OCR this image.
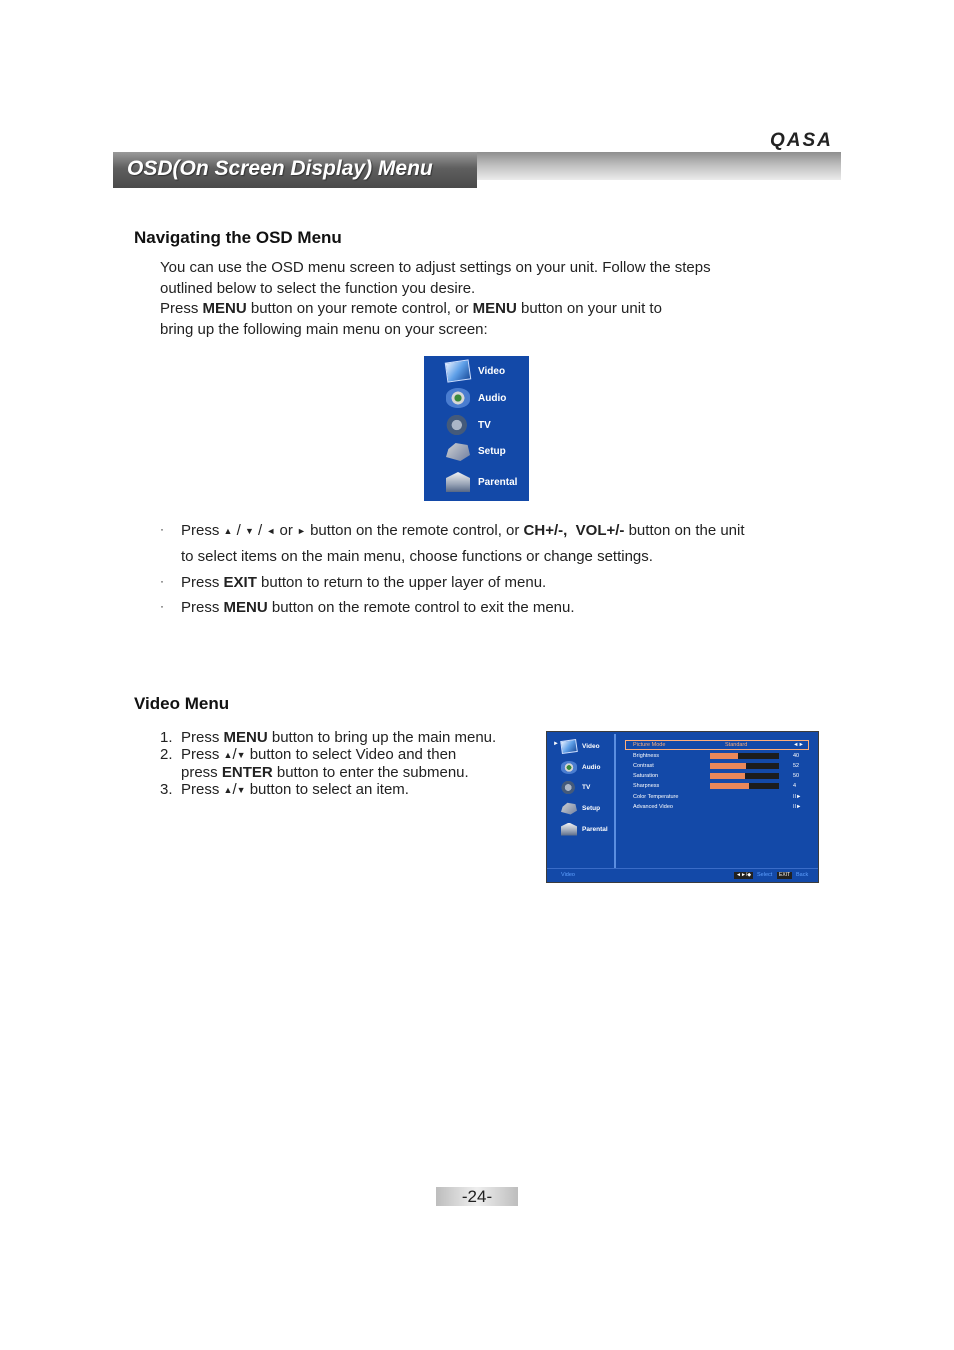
QASA
OSD(On Screen Display) Menu
Navigating the OSD Menu
You can use the OSD menu screen to adjust settings on your unit. Follow the steps
outlined below to select the function you desire.
Press MENU button on your remote control, or MENU button on your unit to
bring up the following main menu on your screen:
Video
Audio
TV
Setup
Parental
· Press ▲ / ▼ / ◄ or ► button on the remote control, or CH+/-, VOL+/- button on the unit
to select items on the main menu, choose functions or change settings.
· Press EXIT button to return to the upper layer of menu.
· Press MENU button on the remote control to exit the menu.
Video Menu
1. Press MENU button to bring up the main menu.
2. Press ▲/▼ button to select Video and then
press ENTER button to enter the submenu.
3. Press ▲/▼ button to select an item.
►	Video
Audio
TV
Setup
Parental
Picture Mode	Standard	◄►
Brightness	40
Contrast	52
Saturation	50
Sharpness	4
Color Temperature	II►
Advanced Video	II►
Video	◄►/◆	Select	EXIT	Back
-24-
